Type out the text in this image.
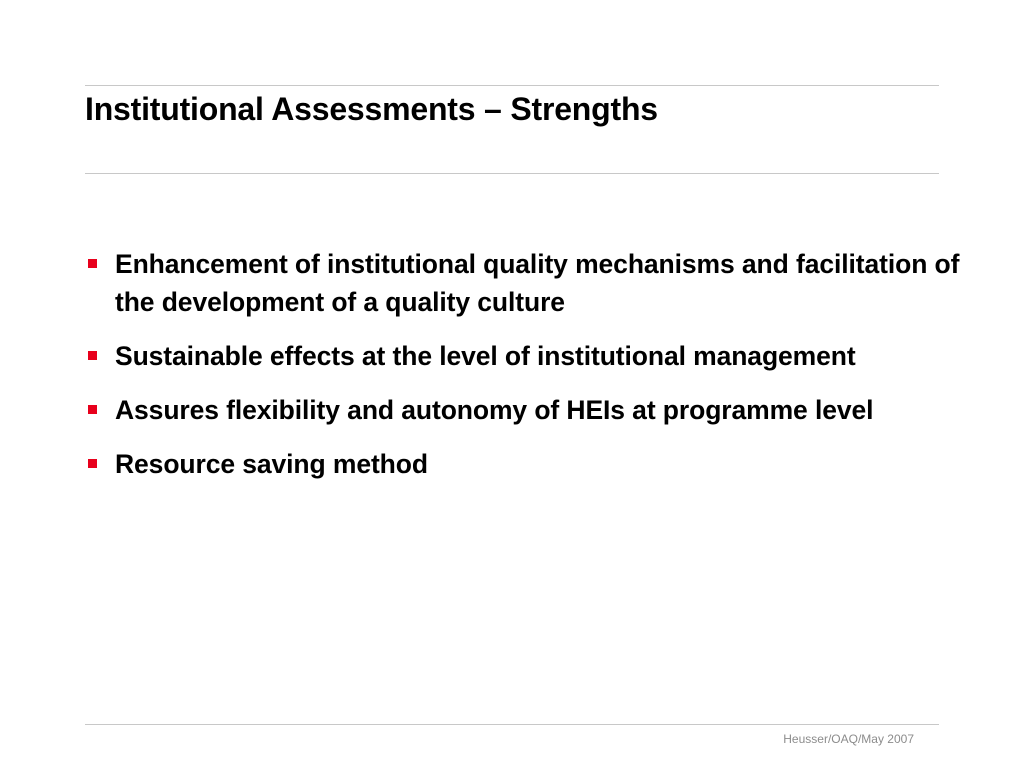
Institutional Assessments – Strengths
Enhancement of institutional quality mechanisms and facilitation of the development of a quality culture
Sustainable effects at the level of institutional management
Assures flexibility and autonomy of HEIs at programme level
Resource saving method
Heusser/OAQ/May 2007
